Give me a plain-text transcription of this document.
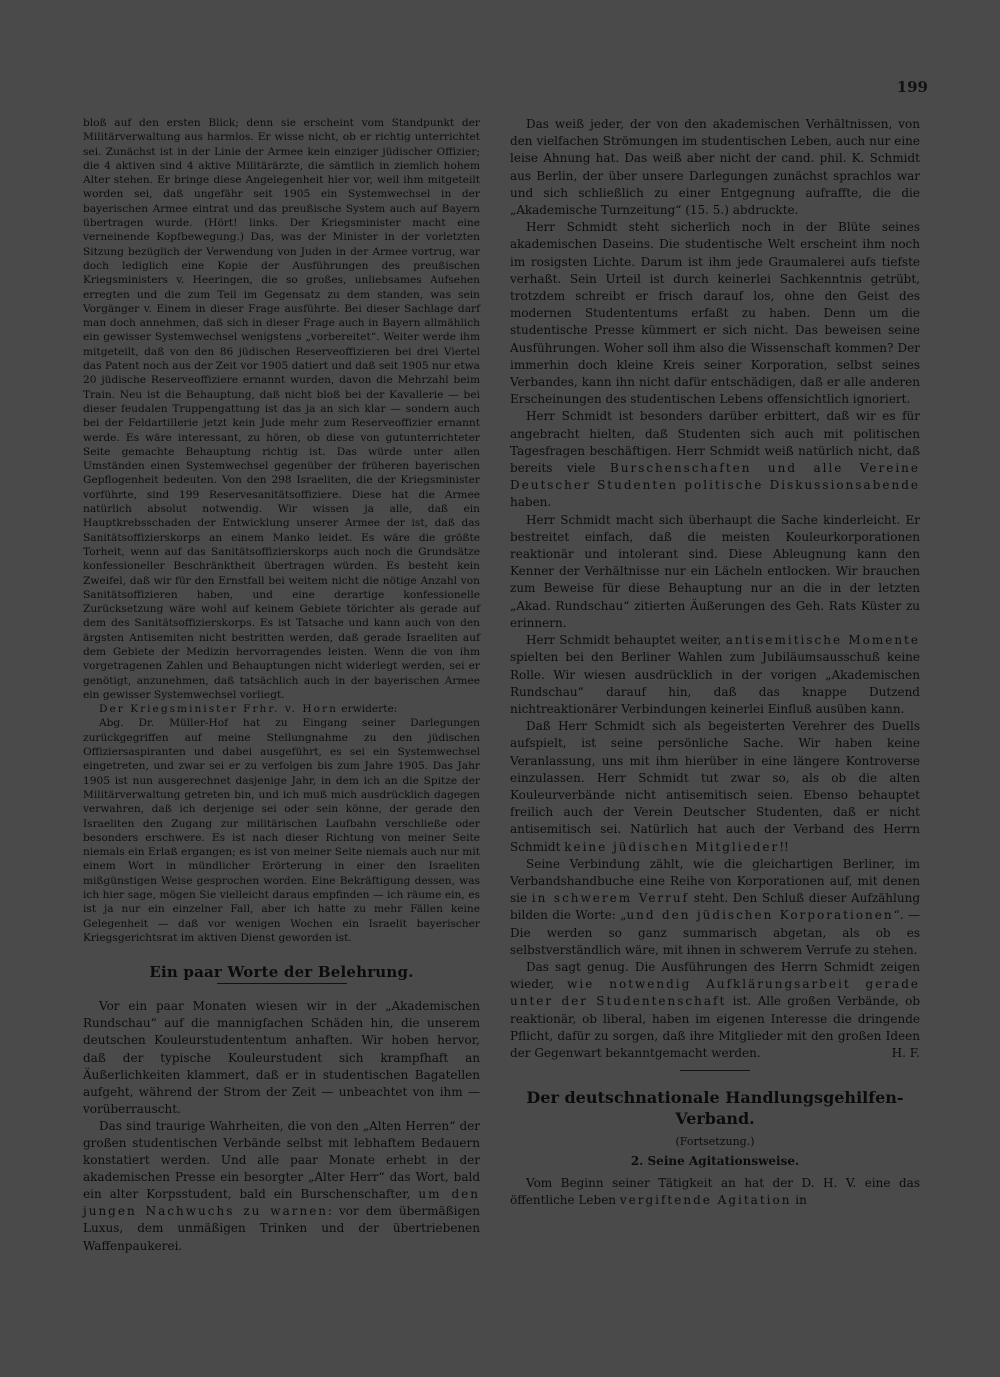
199

bloß auf den ersten Blick; denn sie erscheint vom Standpunkt der Militärverwaltung aus harmlos. Er wisse nicht, ob er richtig unterrichtet sei. Zunächst ist in der Linie der Armee kein einziger jüdischer Offizier; die 4 aktiven sind 4 aktive Militärärzte, die sämtlich in ziemlich hohem Alter stehen. Er bringe diese Angelegenheit hier vor, weil ihm mitgeteilt worden sei, daß ungefähr seit 1905 ein Systemwechsel in der bayerischen Armee eintrat und das preußische System auch auf Bayern übertragen wurde. (Hört! links. Der Kriegsminister macht eine verneinende Kopfbewegung.) Das, was der Minister in der vorletzten Sitzung bezüglich der Verwendung von Juden in der Armee vortrug, war doch lediglich eine Kopie der Ausführungen des preußischen Kriegsministers v. Heeringen, die so großes, unliebsames Aufsehen erregten und die zum Teil im Gegensatz zu dem standen, was sein Vorgänger v. Einem in dieser Frage ausführte. Bei dieser Sachlage darf man doch annehmen, daß sich in dieser Frage auch in Bayern allmählich ein gewisser Systemwechsel wenigstens „vorbereitet“. Weiter werde ihm mitgeteilt, daß von den 86 jüdischen Reserveoffizieren bei drei Viertel das Patent noch aus der Zeit vor 1905 datiert und daß seit 1905 nur etwa 20 jüdische Reserveoffiziere ernannt wurden, davon die Mehrzahl beim Train. Neu ist die Behauptung, daß nicht bloß bei der Kavallerie — bei dieser feudalen Truppengattung ist das ja an sich klar — sondern auch bei der Feldartillerie jetzt kein Jude mehr zum Reserveoffizier ernannt werde. Es wäre interessant, zu hören, ob diese von gutunterrichteter Seite gemachte Behauptung richtig ist. Das würde unter allen Umständen einen Systemwechsel gegenüber der früheren bayerischen Gepflogenheit bedeuten. Von den 298 Israeliten, die der Kriegsminister vorführte, sind 199 Reservesanitätsoffiziere. Diese hat die Armee natürlich absolut notwendig. Wir wissen ja alle, daß ein Hauptkrebsschaden der Entwicklung unserer Armee der ist, daß das Sanitätsoffizierskorps an einem Manko leidet. Es wäre die größte Torheit, wenn auf das Sanitätsoffizierskorps auch noch die Grundsätze konfessioneller Beschränktheit übertragen würden. Es besteht kein Zweifel, daß wir für den Ernstfall bei weitem nicht die nötige Anzahl von Sanitätsoffizieren haben, und eine derartige konfessionelle Zurücksetzung wäre wohl auf keinem Gebiete törichter als gerade auf dem des Sanitätsoffizierskorps. Es ist Tatsache und kann auch von den ärgsten Antisemiten nicht bestritten werden, daß gerade Israeliten auf dem Gebiete der Medizin hervorragendes leisten. Wenn die von ihm vorgetragenen Zahlen und Behauptungen nicht widerlegt werden, sei er genötigt, anzunehmen, daß tatsächlich auch in der bayerischen Armee ein gewisser Systemwechsel vorliegt.

Der Kriegsminister Frhr. v. Horn erwiderte:

Abg. Dr. Müller-Hof hat zu Eingang seiner Darlegungen zurückgegriffen auf meine Stellungnahme zu den jüdischen Offiziersaspiranten und dabei ausgeführt, es sei ein Systemwechsel eingetreten, und zwar sei er zu verfolgen bis zum Jahre 1905. Das Jahr 1905 ist nun ausgerechnet dasjenige Jahr, in dem ich an die Spitze der Militärverwaltung getreten bin, und ich muß mich ausdrücklich dagegen verwahren, daß ich derjenige sei oder sein könne, der gerade den Israeliten den Zugang zur militärischen Laufbahn verschließe oder besonders erschwere. Es ist nach dieser Richtung von meiner Seite niemals ein Erlaß ergangen; es ist von meiner Seite niemals auch nur mit einem Wort in mündlicher Erörterung in einer den Israeliten mißgünstigen Weise gesprochen worden. Eine Bekräftigung dessen, was ich hier sage, mögen Sie vielleicht daraus empfinden — ich räume ein, es ist ja nur ein einzelner Fall, aber ich hatte zu mehr Fällen keine Gelegenheit — daß vor wenigen Wochen ein Israelit bayerischer Kriegsgerichtsrat im aktiven Dienst geworden ist.

Ein paar Worte der Belehrung.

Vor ein paar Monaten wiesen wir in der „Akademischen Rundschau“ auf die mannigfachen Schäden hin, die unserem deutschen Kouleurstudententum anhaften. Wir hoben hervor, daß der typische Kouleurstudent sich krampfhaft an Äußerlichkeiten klammert, daß er in studentischen Bagatellen aufgeht, während der Strom der Zeit — unbeachtet von ihm — vorüberrauscht.

Das sind traurige Wahrheiten, die von den „Alten Herren“ der großen studentischen Verbände selbst mit lebhaftem Bedauern konstatiert werden. Und alle paar Monate erhebt in der akademischen Presse ein besorgter „Alter Herr“ das Wort, bald ein alter Korpsstudent, bald ein Burschenschafter, um den jungen Nachwuchs zu warnen: vor dem übermäßigen Luxus, dem unmäßigen Trinken und der übertriebenen Waffenpaukerei.

Das weiß jeder, der von den akademischen Verhältnissen, von den vielfachen Strömungen im studentischen Leben, auch nur eine leise Ahnung hat. Das weiß aber nicht der cand. phil. K. Schmidt aus Berlin, der über unsere Darlegungen zunächst sprachlos war und sich schließlich zu einer Entgegnung aufraffte, die die „Akademische Turnzeitung“ (15. 5.) abdruckte.

Herr Schmidt steht sicherlich noch in der Blüte seines akademischen Daseins. Die studentische Welt erscheint ihm noch im rosigsten Lichte. Darum ist ihm jede Graumalerei aufs tiefste verhaßt. Sein Urteil ist durch keinerlei Sachkenntnis getrübt, trotzdem schreibt er frisch darauf los, ohne den Geist des modernen Studententums erfaßt zu haben. Denn um die studentische Presse kümmert er sich nicht. Das beweisen seine Ausführungen. Woher soll ihm also die Wissenschaft kommen? Der immerhin doch kleine Kreis seiner Korporation, selbst seines Verbandes, kann ihn nicht dafür entschädigen, daß er alle anderen Erscheinungen des studentischen Lebens offensichtlich ignoriert.

Herr Schmidt ist besonders darüber erbittert, daß wir es für angebracht hielten, daß Studenten sich auch mit politischen Tagesfragen beschäftigen. Herr Schmidt weiß natürlich nicht, daß bereits viele Burschenschaften und alle Vereine Deutscher Studenten politische Diskussionsabende haben.

Herr Schmidt macht sich überhaupt die Sache kinderleicht. Er bestreitet einfach, daß die meisten Kouleurkorporationen reaktionär und intolerant sind. Diese Ableugnung kann den Kenner der Verhältnisse nur ein Lächeln entlocken. Wir brauchen zum Beweise für diese Behauptung nur an die in der letzten „Akad. Rundschau“ zitierten Äußerungen des Geh. Rats Küster zu erinnern.

Herr Schmidt behauptet weiter, antisemitische Momente spielten bei den Berliner Wahlen zum Jubiläumsausschuß keine Rolle. Wir wiesen ausdrücklich in der vorigen „Akademischen Rundschau“ darauf hin, daß das knappe Dutzend nichtreaktionärer Verbindungen keinerlei Einfluß ausüben kann.

Daß Herr Schmidt sich als begeisterten Verehrer des Duells aufspielt, ist seine persönliche Sache. Wir haben keine Veranlassung, uns mit ihm hierüber in eine längere Kontroverse einzulassen. Herr Schmidt tut zwar so, als ob die alten Kouleurverbände nicht antisemitisch seien. Ebenso behauptet freilich auch der Verein Deutscher Studenten, daß er nicht antisemitisch sei. Natürlich hat auch der Verband des Herrn Schmidt keine jüdischen Mitglieder!!

Seine Verbindung zählt, wie die gleichartigen Berliner, im Verbandshandbuche eine Reihe von Korporationen auf, mit denen sie in schwerem Verruf steht. Den Schluß dieser Aufzählung bilden die Worte: „und den jüdischen Korporationen“. — Die werden so ganz summarisch abgetan, als ob es selbstverständlich wäre, mit ihnen in schwerem Verrufe zu stehen.

Das sagt genug. Die Ausführungen des Herrn Schmidt zeigen wieder, wie notwendig Aufklärungsarbeit gerade unter der Studentenschaft ist. Alle großen Verbände, ob reaktionär, ob liberal, haben im eigenen Interesse die dringende Pflicht, dafür zu sorgen, daß ihre Mitglieder mit den großen Ideen der Gegenwart bekanntgemacht werden.	H. F.

Der deutschnationale Handlungsgehilfen-Verband.
(Fortsetzung.)
2. Seine Agitationsweise.

Vom Beginn seiner Tätigkeit an hat der D. H. V. eine das öffentliche Leben vergiftende Agitation in
